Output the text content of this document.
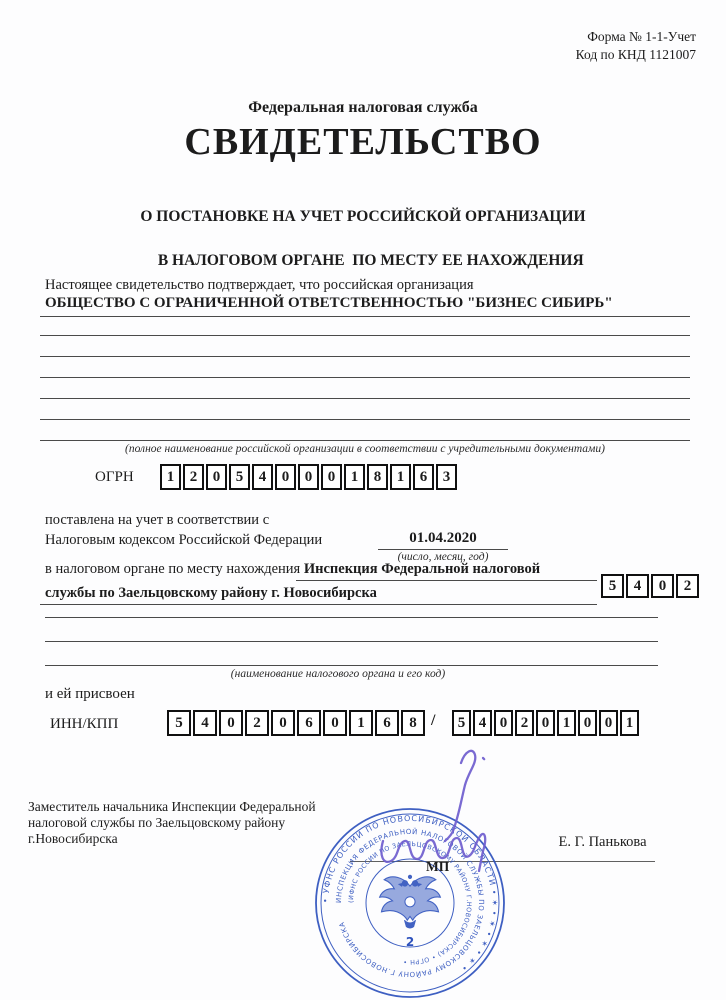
Форма № 1-1-Учет
Код по КНД 1121007
Федеральная налоговая служба
СВИДЕТЕЛЬСТВО
О ПОСТАНОВКЕ НА УЧЕТ РОССИЙСКОЙ ОРГАНИЗАЦИИ

В НАЛОГОВОМ ОРГАНЕ  ПО МЕСТУ ЕЕ НАХОЖДЕНИЯ
Настоящее свидетельство подтверждает, что российская организация
ОБЩЕСТВО С ОГРАНИЧЕННОЙ ОТВЕТСТВЕННОСТЬЮ "БИЗНЕС СИБИРЬ"
(полное наименование российской организации в соответствии с учредительными документами)
ОГРН	1	2	0	5	4	0	0	0	1	8	1	6	3
поставлена на учет в соответствии с
Налоговым кодексом Российской Федерации	01.04.2020
(число, месяц, год)
в налоговом органе по месту нахождения Инспекция Федеральной налоговой
службы по Заельцовскому району г. Новосибирска	5	4	0	2
(наименование налогового органа и его код)
и ей присвоен
ИНН/КПП	5	4	0	2	0	6	0	1	6	8 /	5 4 0 2 0 1 0 0 1
Заместитель начальника Инспекции Федеральной
налоговой службы по Заельцовскому району
г.Новосибирска	Е. Г. Панькова
• УФНС РОССИИ ПО НОВОСИБИРСКОЙ ОБЛАСТИ • ✶ • ✶ • ✶ • ✶ •
ИНСПЕКЦИЯ ФЕДЕРАЛЬНОЙ НАЛОГОВОЙ СЛУЖБЫ ПО ЗАЕЛЬЦОВСКОМУ РАЙОНУ Г.НОВОСИБИРСКА
(ИФНС РОССИИ ПО ЗАЕЛЬЦОВСКОМУ РАЙОНУ Г.НОВОСИБИРСКА) • ОГРН •
2
МП
